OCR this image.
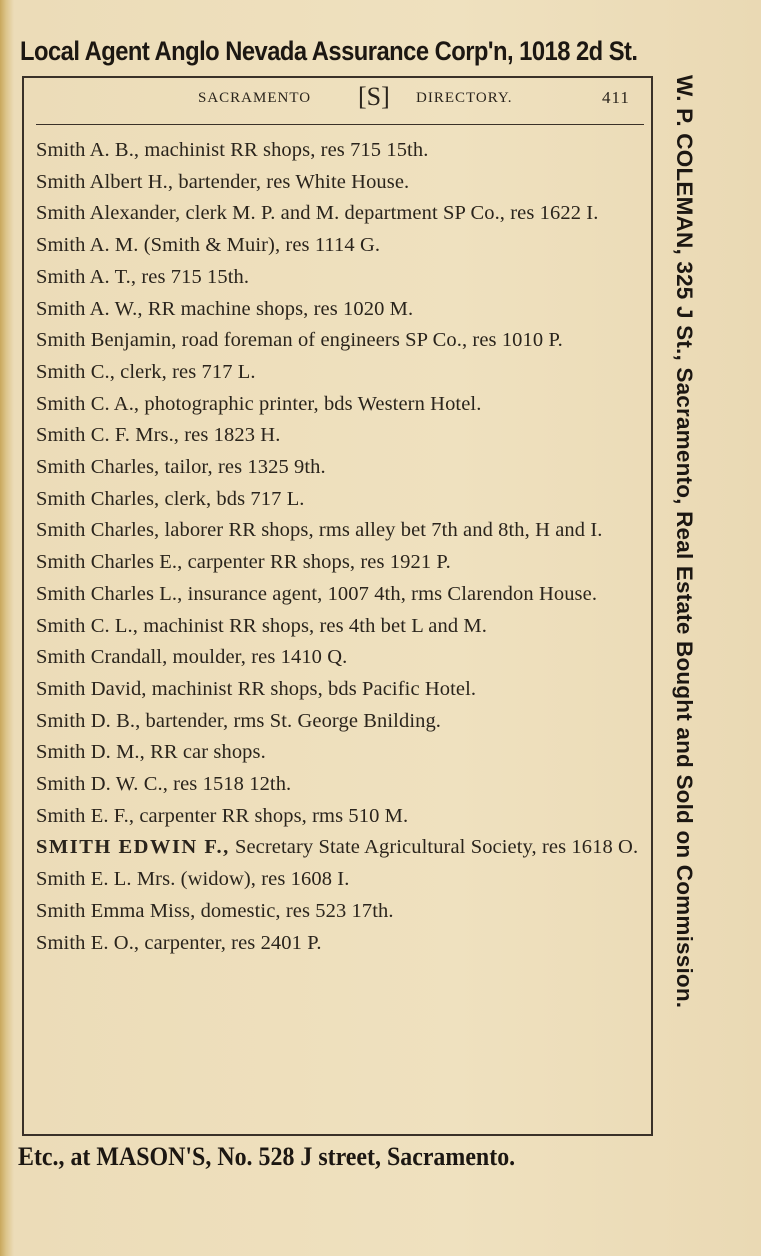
Local Agent Anglo Nevada Assurance Corp'n, 1018 2d St.
SACRAMENTO [S] DIRECTORY.	411
Smith A. B., machinist RR shops, res 715 15th.
Smith Albert H., bartender, res White House.
Smith Alexander, clerk M. P. and M. department SP Co., res 1622 I.
Smith A. M. (Smith & Muir), res 1114 G.
Smith A. T., res 715 15th.
Smith A. W., RR machine shops, res 1020 M.
Smith Benjamin, road foreman of engineers SP Co., res 1010 P.
Smith C., clerk, res 717 L.
Smith C. A., photographic printer, bds Western Hotel.
Smith C. F. Mrs., res 1823 H.
Smith Charles, tailor, res 1325 9th.
Smith Charles, clerk, bds 717 L.
Smith Charles, laborer RR shops, rms alley bet 7th and 8th, H and I.
Smith Charles E., carpenter RR shops, res 1921 P.
Smith Charles L., insurance agent, 1007 4th, rms Clarendon House.
Smith C. L., machinist RR shops, res 4th bet L and M.
Smith Crandall, moulder, res 1410 Q.
Smith David, machinist RR shops, bds Pacific Hotel.
Smith D. B., bartender, rms St. George Bnilding.
Smith D. M., RR car shops.
Smith D. W. C., res 1518 12th.
Smith E. F., carpenter RR shops, rms 510 M.
SMITH EDWIN F., Secretary State Agricultural Society, res 1618 O.
Smith E. L. Mrs. (widow), res 1608 I.
Smith Emma Miss, domestic, res 523 17th.
Smith E. O., carpenter, res 2401 P.	W. P. COLEMAN, 325 J St., Sacramento, Real Estate Bought and Sold on Commission.
Etc., at MASON'S, No. 528 J street, Sacramento.
